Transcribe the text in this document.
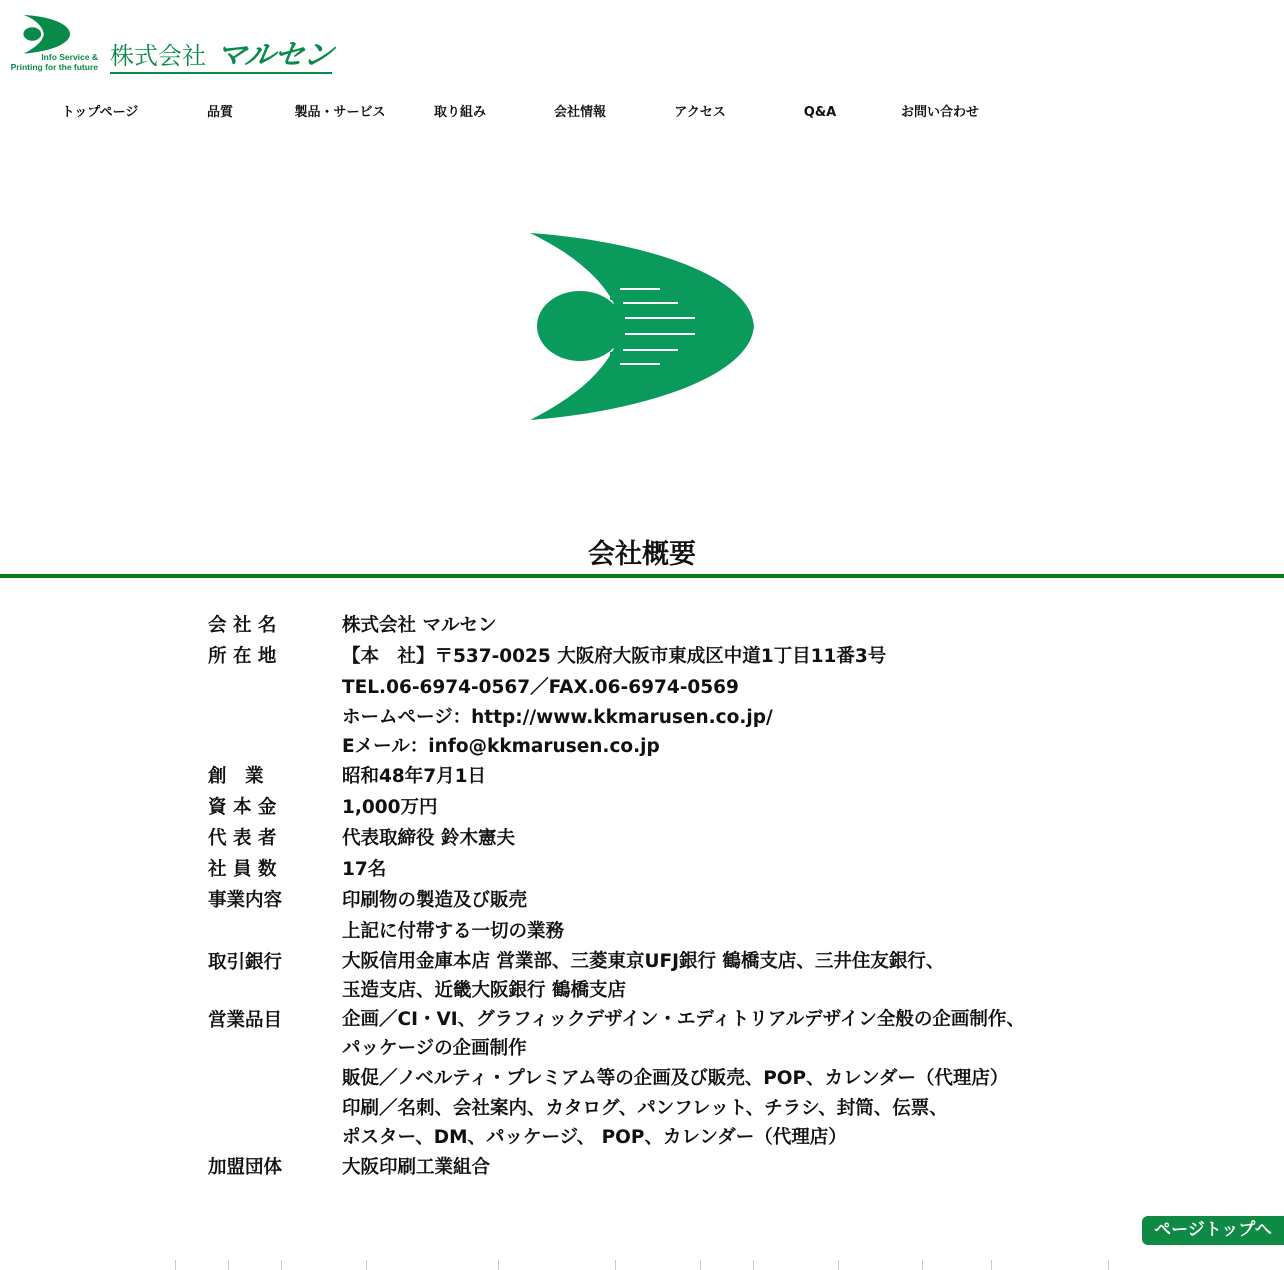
Info Service &
Printing for the future 株式会社 マルセン
トップページ	品質	製品・サービス	取り組み	会社情報	アクセス	Q&A	お問い合わせ
会社概要
会 社 名	株式会社 マルセン
所 在 地	【本　社】〒537-0025 大阪府大阪市東成区中道1丁目11番3号
TEL.06-6974-0567／FAX.06-6974-0569
ホームページ：http://www.kkmarusen.co.jp/
Eメール：info@kkmarusen.co.jp
創　業	昭和48年7月1日
資 本 金	1,000万円
代 表 者	代表取締役 鈴木憲夫
社 員 数	17名
事業内容	印刷物の製造及び販売
上記に付帯する一切の業務
取引銀行	大阪信用金庫本店 営業部、三菱東京UFJ銀行 鶴橋支店、三井住友銀行、
玉造支店、近畿大阪銀行 鶴橋支店
営業品目	企画／CI・VI、グラフィックデザイン・エディトリアルデザイン全般の企画制作、
パッケージの企画制作
販促／ノベルティ・プレミアム等の企画及び販売、POP、カレンダー（代理店）
印刷／名刺、会社案内、カタログ、パンフレット、チラシ、封筒、伝票、
ポスター、DM、パッケージ、 POP、カレンダー（代理店）
加盟団体	大阪印刷工業組合
ページトップへ
